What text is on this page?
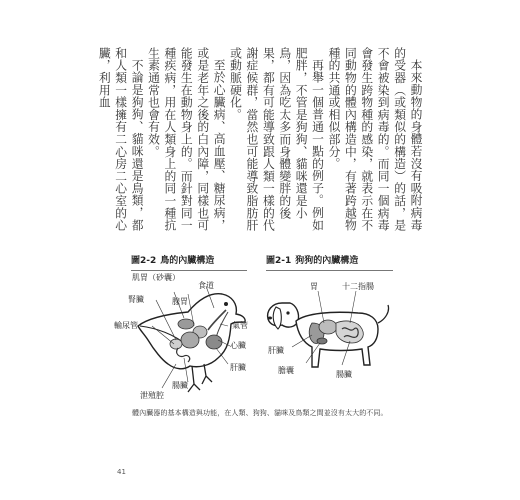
本來動物的身體若沒有吸附病毒的受器（或類似的構造）的話，是不會被染到病毒的。而同一個病毒會發生跨物種的感染，就表示在不同動物的體內構造中，有著跨越物種的共通或相似部分。

再舉一個普通一點的例子。例如肥胖，不管是狗狗、貓咪還是小鳥，因為吃太多而身體變胖的後果，都有可能導致跟人類一樣的代謝症候群，當然也可能導致脂肪肝或動脈硬化。

至於心臟病、高血壓、糖尿病，或是老年之後的白內障，同樣也可能發生在動物身上的。而針對同一種疾病，用在人類身上的同一種抗生素通常也會有效。

不論是狗狗、貓咪還是鳥類，都和人類一樣擁有二心房二心室的心臟，利用血

圖2-2 鳥的內臟構造	圖2-1 狗狗的內臟構造
肌胃（砂囊）
腺胃
食道
腎臟
氣管
輸尿管
心臟
肝臟
腸臟
泄殖腔
胃	十二指腸
肝臟
膽囊	腸臟
體內臟器的基本構造與功能，在人類、狗狗、貓咪及鳥類之間並沒有太大的不同。
41
